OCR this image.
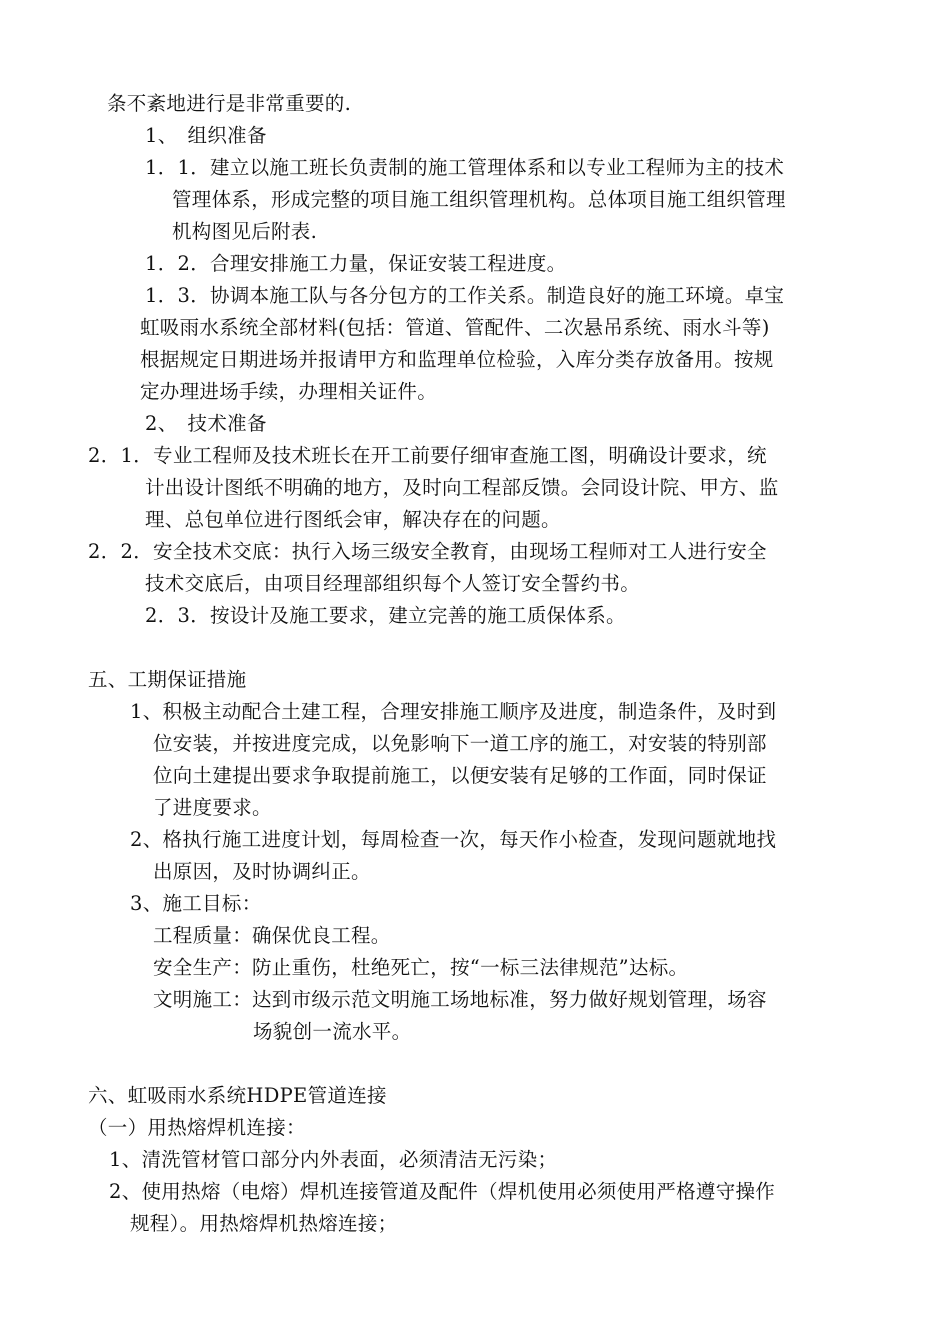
条不紊地进行是非常重要的.
1、　组织准备
1．1．建立以施工班长负责制的施工管理体系和以专业工程师为主的技术
管理体系，形成完整的项目施工组织管理机构。总体项目施工组织管理
机构图见后附表.
1．2．合理安排施工力量，保证安装工程进度。
1．3．协调本施工队与各分包方的工作关系。制造良好的施工环境。卓宝
虹吸雨水系统全部材料(包括：管道、管配件、二次悬吊系统、雨水斗等)
根据规定日期进场并报请甲方和监理单位检验，入库分类存放备用。按规
定办理进场手续，办理相关证件。
2、　技术准备
2．1．专业工程师及技术班长在开工前要仔细审查施工图，明确设计要求，统
计出设计图纸不明确的地方，及时向工程部反馈。会同设计院、甲方、监
理、总包单位进行图纸会审，解决存在的问题。
2．2．安全技术交底：执行入场三级安全教育，由现场工程师对工人进行安全
技术交底后，由项目经理部组织每个人签订安全誓约书。
2．3．按设计及施工要求，建立完善的施工质保体系。
五、工期保证措施
1、积极主动配合土建工程，合理安排施工顺序及进度，制造条件，及时到
位安装，并按进度完成，以免影响下一道工序的施工，对安装的特别部
位向土建提出要求争取提前施工，以便安装有足够的工作面，同时保证
了进度要求。
2、格执行施工进度计划，每周检查一次，每天作小检查，发现问题就地找
出原因，及时协调纠正。
3、施工目标：
工程质量：确保优良工程。
安全生产：防止重伤，杜绝死亡，按“一标三法律规范”达标。
文明施工：达到市级示范文明施工场地标准，努力做好规划管理，场容
场貌创一流水平。
六、虹吸雨水系统HDPE管道连接
（一）用热熔焊机连接：
1、清洗管材管口部分内外表面，必须清洁无污染；
2、使用热熔（电熔）焊机连接管道及配件（焊机使用必须使用严格遵守操作
规程）。用热熔焊机热熔连接；
